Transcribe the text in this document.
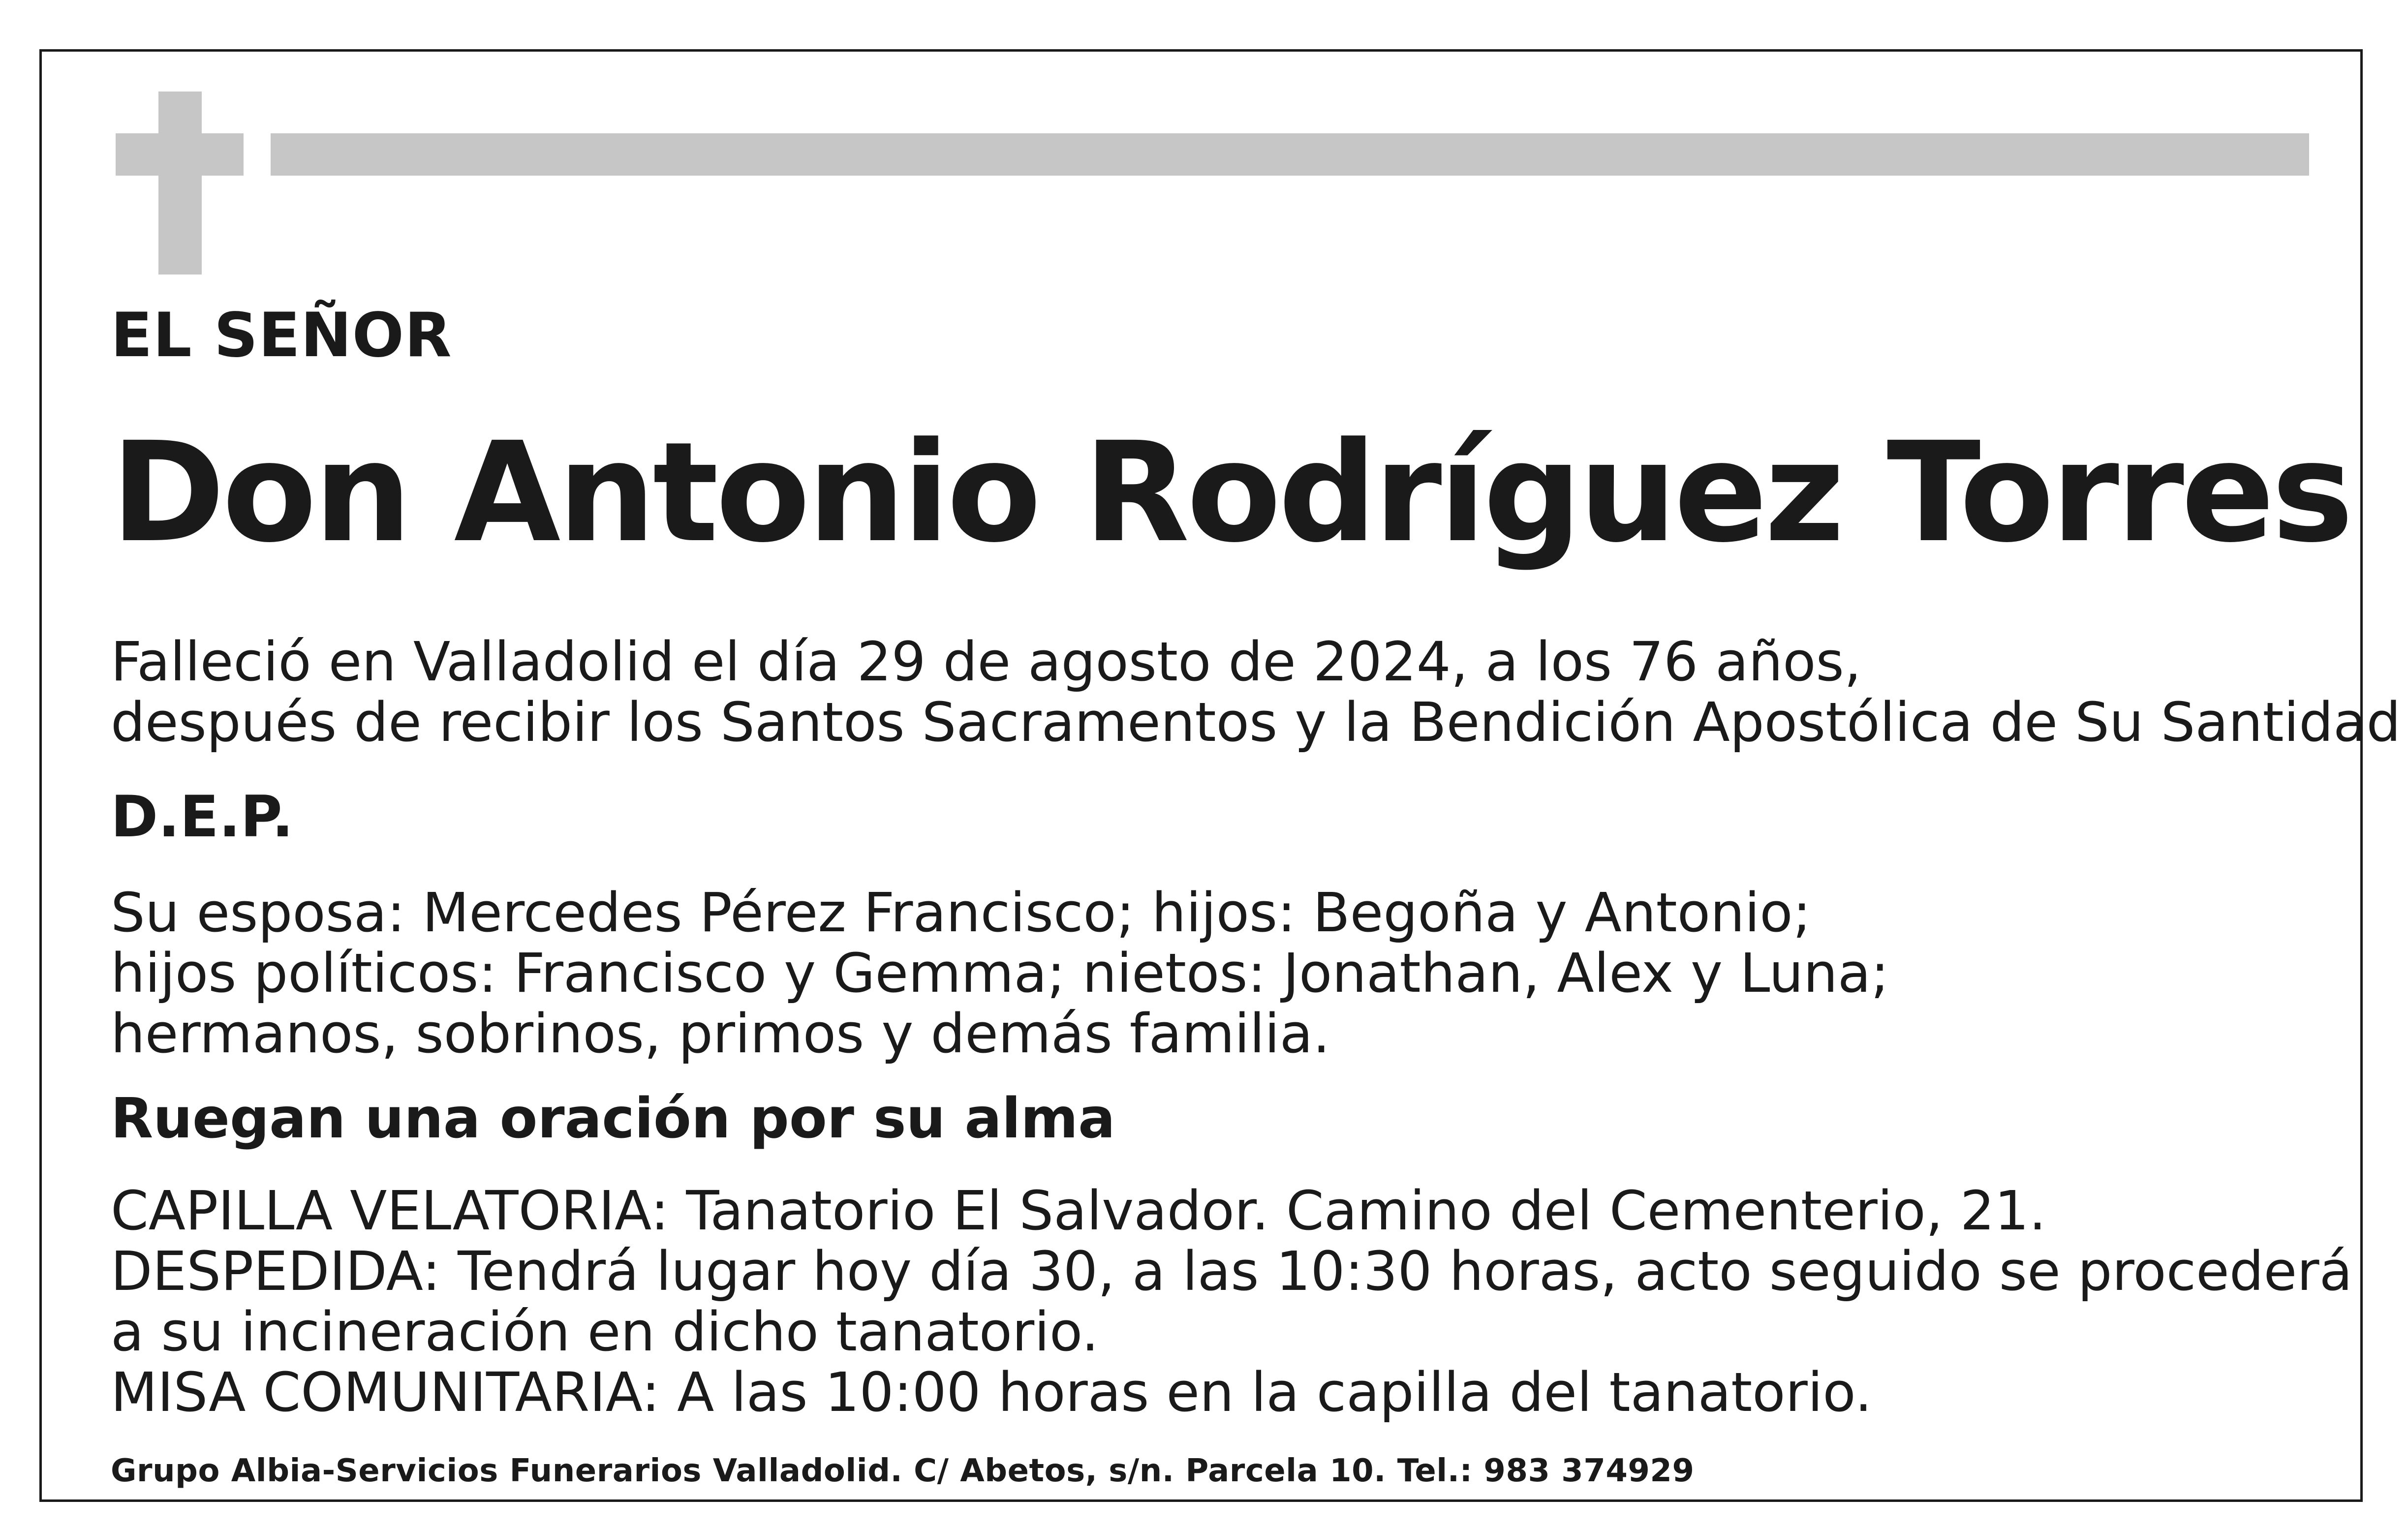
EL SEÑOR
Don Antonio Rodríguez Torres
Falleció en Valladolid el día 29 de agosto de 2024, a los 76 años,
después de recibir los Santos Sacramentos y la Bendición Apostólica de Su Santidad
D.E.P.
Su esposa: Mercedes Pérez Francisco; hijos: Begoña y Antonio;
hijos políticos: Francisco y Gemma; nietos: Jonathan, Alex y Luna;
hermanos, sobrinos, primos y demás familia.
Ruegan una oración por su alma
CAPILLA VELATORIA: Tanatorio El Salvador. Camino del Cementerio, 21.
DESPEDIDA: Tendrá lugar hoy día 30, a las 10:30 horas, acto seguido se procederá
a su incineración en dicho tanatorio.
MISA COMUNITARIA: A las 10:00 horas en la capilla del tanatorio.
Grupo Albia-Servicios Funerarios Valladolid. C/ Abetos, s/n. Parcela 10. Tel.: 983 374929
